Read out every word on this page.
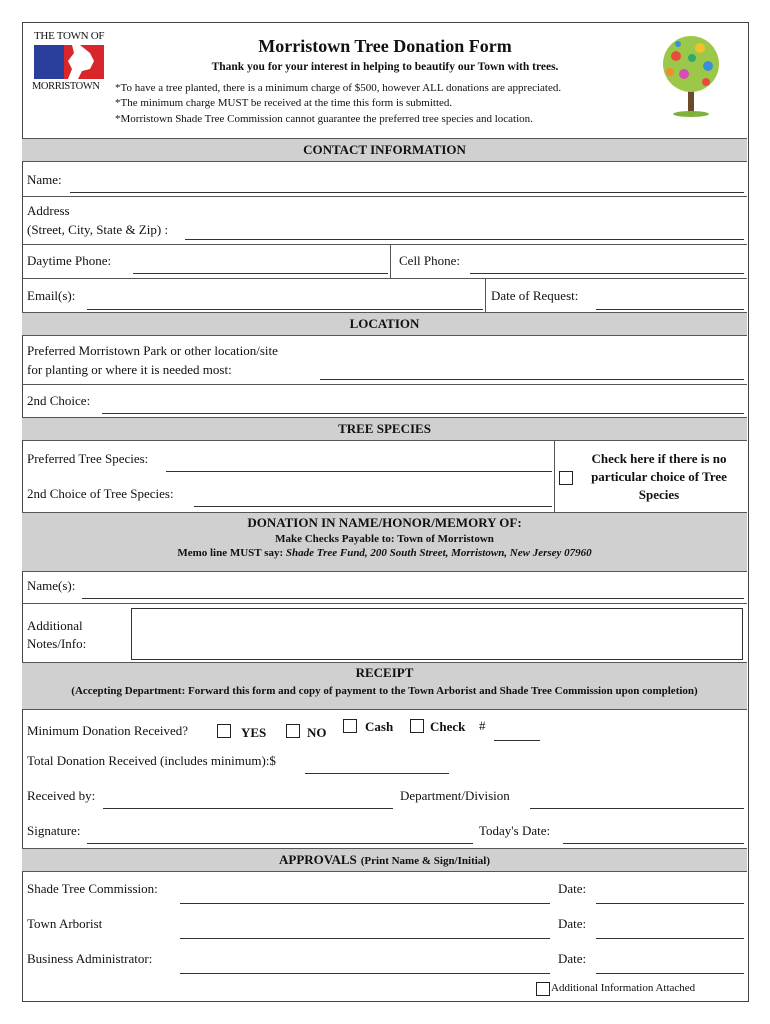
THE TOWN OF
MORRISTOWN
Morristown Tree Donation Form
Thank you for your interest in helping to beautify our Town with trees.
*To have a tree planted, there is a minimum charge of $500, however ALL donations are appreciated.
*The minimum charge MUST be received at the time this form is submitted.
*Morristown Shade Tree Commission cannot guarantee the preferred tree species and location.
CONTACT INFORMATION
Name:
Address
(Street, City, State & Zip) :
Daytime Phone:	Cell Phone:
Email(s):	Date of Request:
LOCATION
Preferred Morristown Park or other location/site
for planting or where it is needed most:
2nd Choice:
TREE SPECIES
Preferred Tree Species:
2nd Choice of Tree Species:
Check here if there is no
particular choice of Tree
Species
DONATION IN NAME/HONOR/MEMORY OF:
Make Checks Payable to: Town of Morristown
Memo line MUST say: Shade Tree Fund, 200 South Street, Morristown, New Jersey 07960
Name(s):
Additional
Notes/Info:
RECEIPT
(Accepting Department: Forward this form and copy of payment to the Town Arborist and Shade Tree Commission upon completion)
Minimum Donation Received?	YES	NO	Cash	Check #
Total Donation Received (includes minimum):$
Received by:	Department/Division
Signature:	Today's Date:
APPROVALS (Print Name & Sign/Initial)
Shade Tree Commission:	Date:
Town Arborist	Date:
Business Administrator:	Date:
Additional Information Attached
